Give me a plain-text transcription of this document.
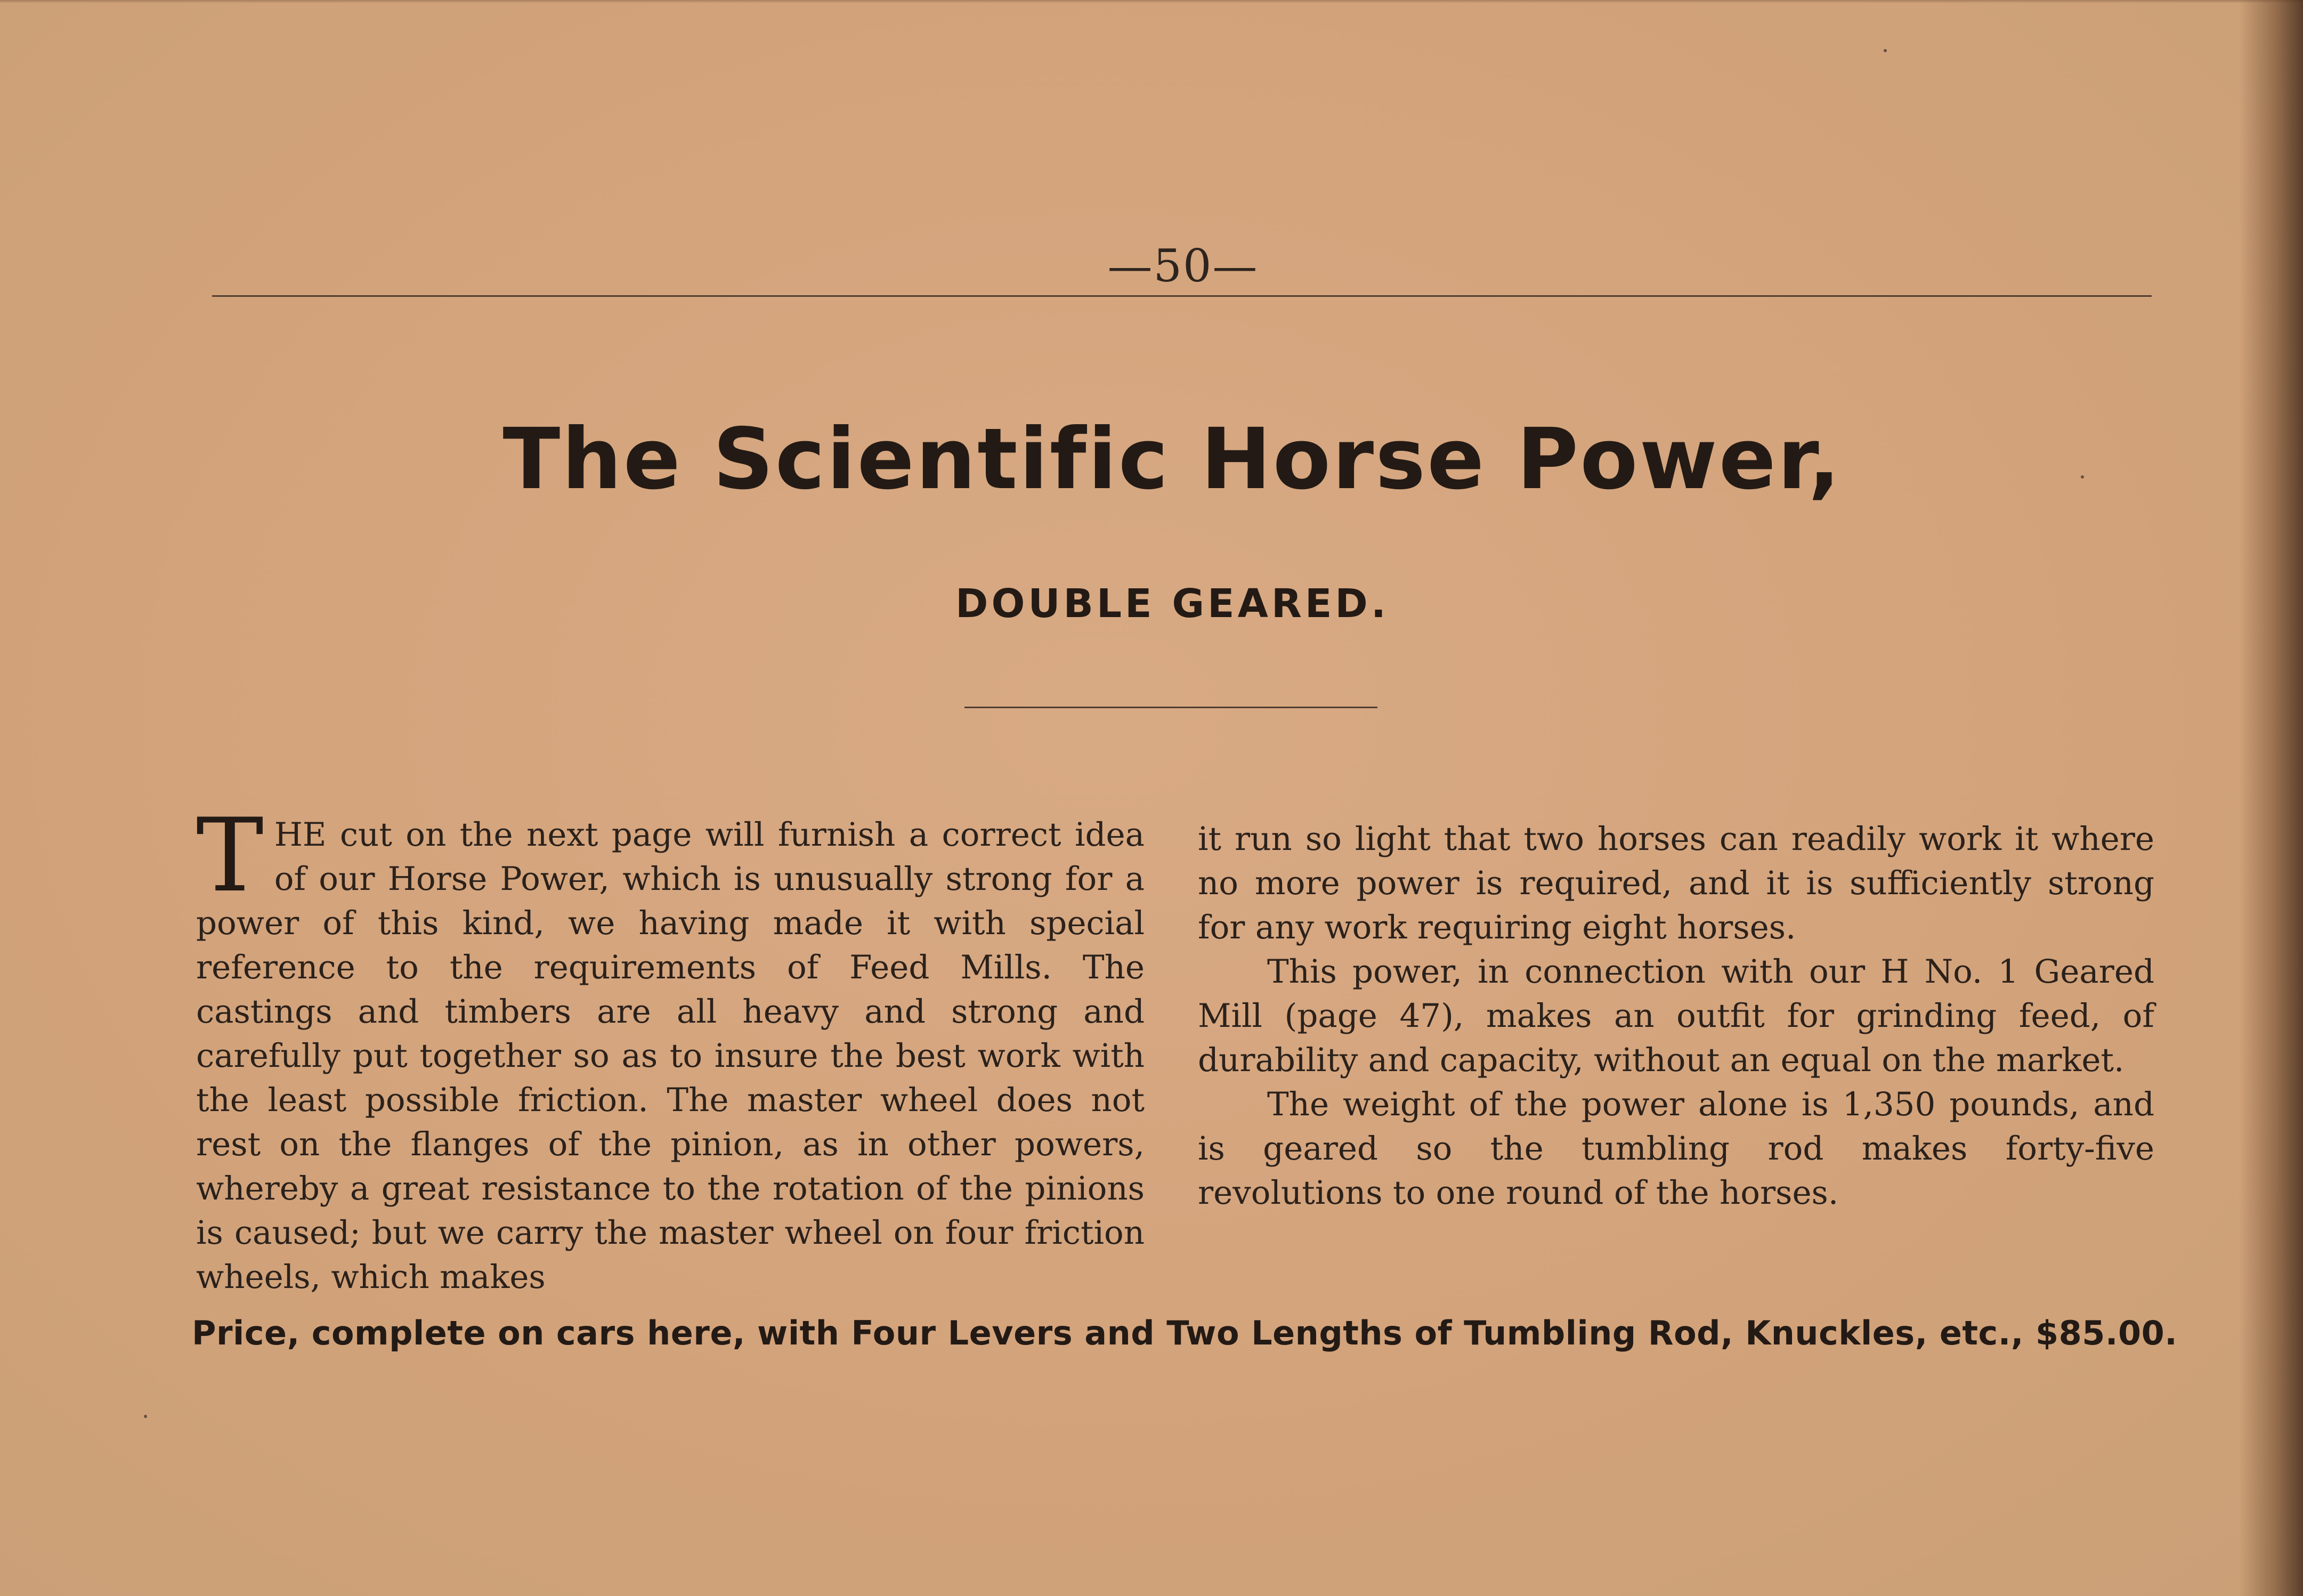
—50—
The Scientific Horse Power,
DOUBLE GEARED.

THE cut on the next page will furnish a correct idea of our Horse Power, which is unusually strong for a power of this kind, we having made it with special reference to the requirements of Feed Mills. The castings and timbers are all heavy and strong and carefully put together so as to insure the best work with the least possible friction. The master wheel does not rest on the flanges of the pinion, as in other powers, whereby a great resistance to the rotation of the pinions is caused; but we carry the master wheel on four friction wheels, which makes

it run so light that two horses can readily work it where no more power is required, and it is sufficiently strong for any work requiring eight horses.

This power, in connection with our H No. 1 Geared Mill (page 47), makes an outfit for grinding feed, of durability and capacity, without an equal on the market.

The weight of the power alone is 1,350 pounds, and is geared so the tumbling rod makes forty-five revolutions to one round of the horses.

Price, complete on cars here, with Four Levers and Two Lengths of Tumbling Rod, Knuckles, etc., $85.00.
